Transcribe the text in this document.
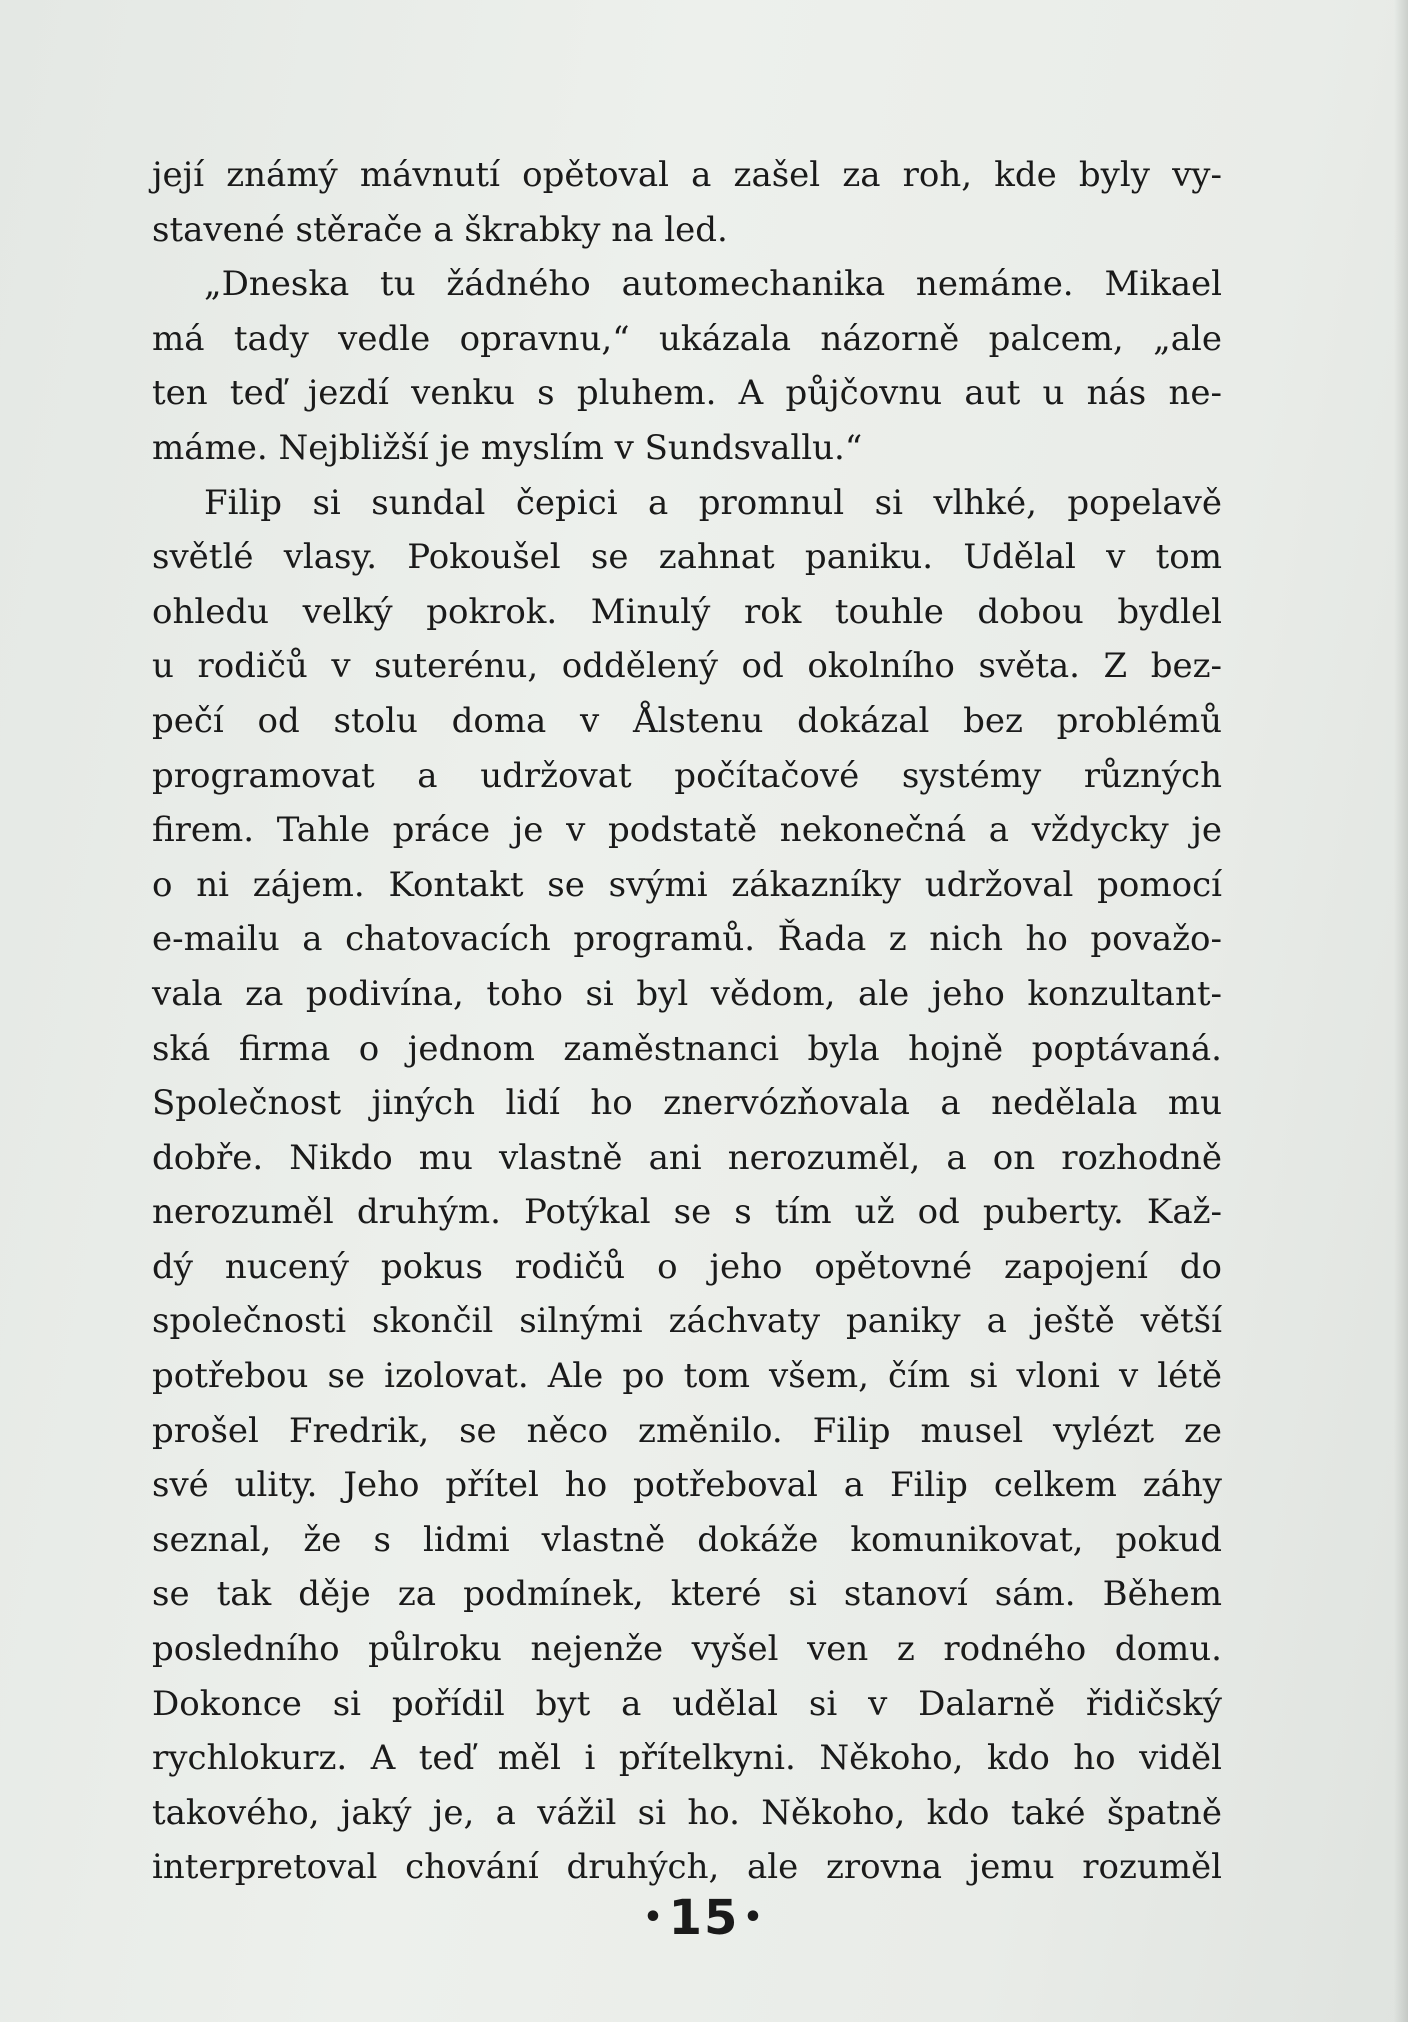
její známý mávnutí opětoval a zašel za roh, kde byly vy-
stavené stěrače a škrabky na led.
„Dneska tu žádného automechanika nemáme. Mikael
má tady vedle opravnu,“ ukázala názorně palcem, „ale
ten teď jezdí venku s pluhem. A půjčovnu aut u nás ne-
máme. Nejbližší je myslím v Sundsvallu.“
Filip si sundal čepici a promnul si vlhké, popelavě
světlé vlasy. Pokoušel se zahnat paniku. Udělal v tom
ohledu velký pokrok. Minulý rok touhle dobou bydlel
u rodičů v suterénu, oddělený od okolního světa. Z bez-
pečí od stolu doma v Ålstenu dokázal bez problémů
programovat a udržovat počítačové systémy různých
firem. Tahle práce je v podstatě nekonečná a vždycky je
o ni zájem. Kontakt se svými zákazníky udržoval pomocí
e-mailu a chatovacích programů. Řada z nich ho považo-
vala za podivína, toho si byl vědom, ale jeho konzultant-
ská firma o jednom zaměstnanci byla hojně poptávaná.
Společnost jiných lidí ho znervózňovala a nedělala mu
dobře. Nikdo mu vlastně ani nerozuměl, a on rozhodně
nerozuměl druhým. Potýkal se s tím už od puberty. Kaž-
dý nucený pokus rodičů o jeho opětovné zapojení do
společnosti skončil silnými záchvaty paniky a ještě větší
potřebou se izolovat. Ale po tom všem, čím si vloni v létě
prošel Fredrik, se něco změnilo. Filip musel vylézt ze
své ulity. Jeho přítel ho potřeboval a Filip celkem záhy
seznal, že s lidmi vlastně dokáže komunikovat, pokud
se tak děje za podmínek, které si stanoví sám. Během
posledního půlroku nejenže vyšel ven z rodného domu.
Dokonce si pořídil byt a udělal si v Dalarně řidičský
rychlokurz. A teď měl i přítelkyni. Někoho, kdo ho viděl
takového, jaký je, a vážil si ho. Někoho, kdo také špatně
interpretoval chování druhých, ale zrovna jemu rozuměl
•15 •
